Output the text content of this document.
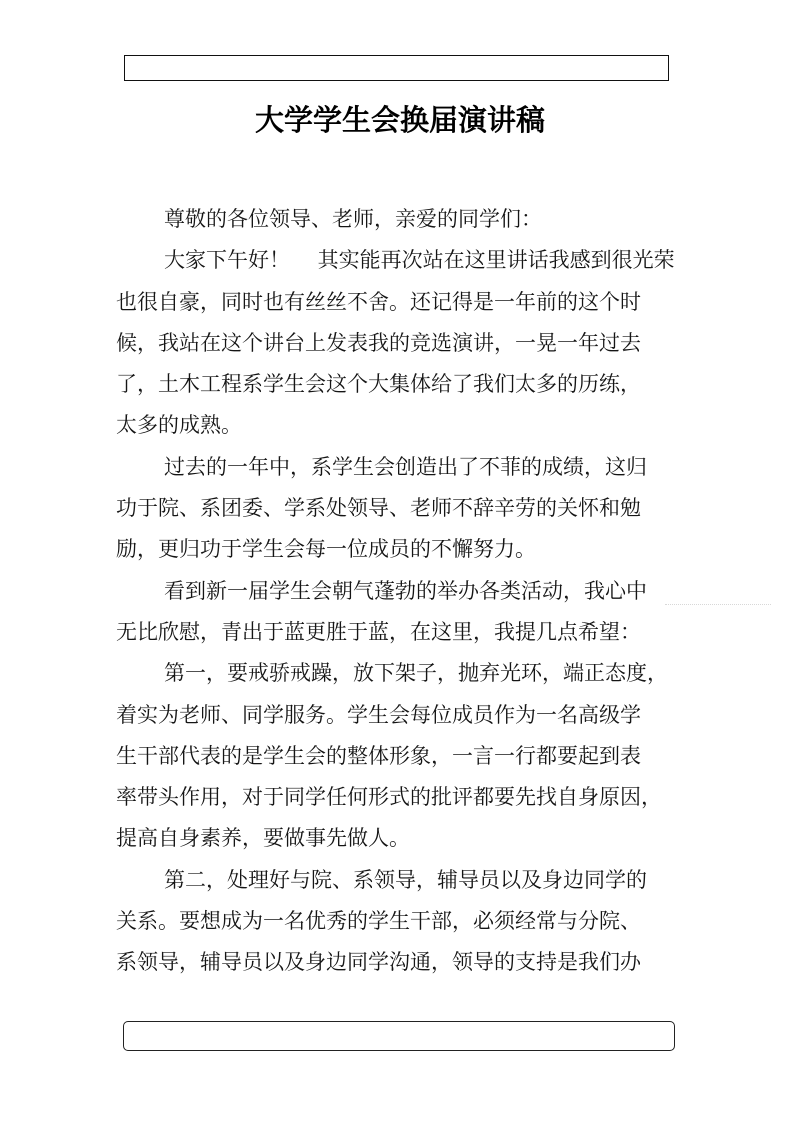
大学学生会换届演讲稿
尊敬的各位领导、老师，亲爱的同学们：
大家下午好！　 其实能再次站在这里讲话我感到很光荣
也很自豪，同时也有丝丝不舍。还记得是一年前的这个时
候，我站在这个讲台上发表我的竞选演讲，一晃一年过去
了，土木工程系学生会这个大集体给了我们太多的历练，
太多的成熟。
过去的一年中，系学生会创造出了不菲的成绩，这归
功于院、系团委、学系处领导、老师不辞辛劳的关怀和勉
励，更归功于学生会每一位成员的不懈努力。
看到新一届学生会朝气蓬勃的举办各类活动，我心中
无比欣慰，青出于蓝更胜于蓝，在这里，我提几点希望：
第一，要戒骄戒躁，放下架子，抛弃光环，端正态度，
着实为老师、同学服务。学生会每位成员作为一名高级学
生干部代表的是学生会的整体形象，一言一行都要起到表
率带头作用，对于同学任何形式的批评都要先找自身原因，
提高自身素养，要做事先做人。
第二，处理好与院、系领导，辅导员以及身边同学的
关系。要想成为一名优秀的学生干部，必须经常与分院、
系领导，辅导员以及身边同学沟通，领导的支持是我们办
